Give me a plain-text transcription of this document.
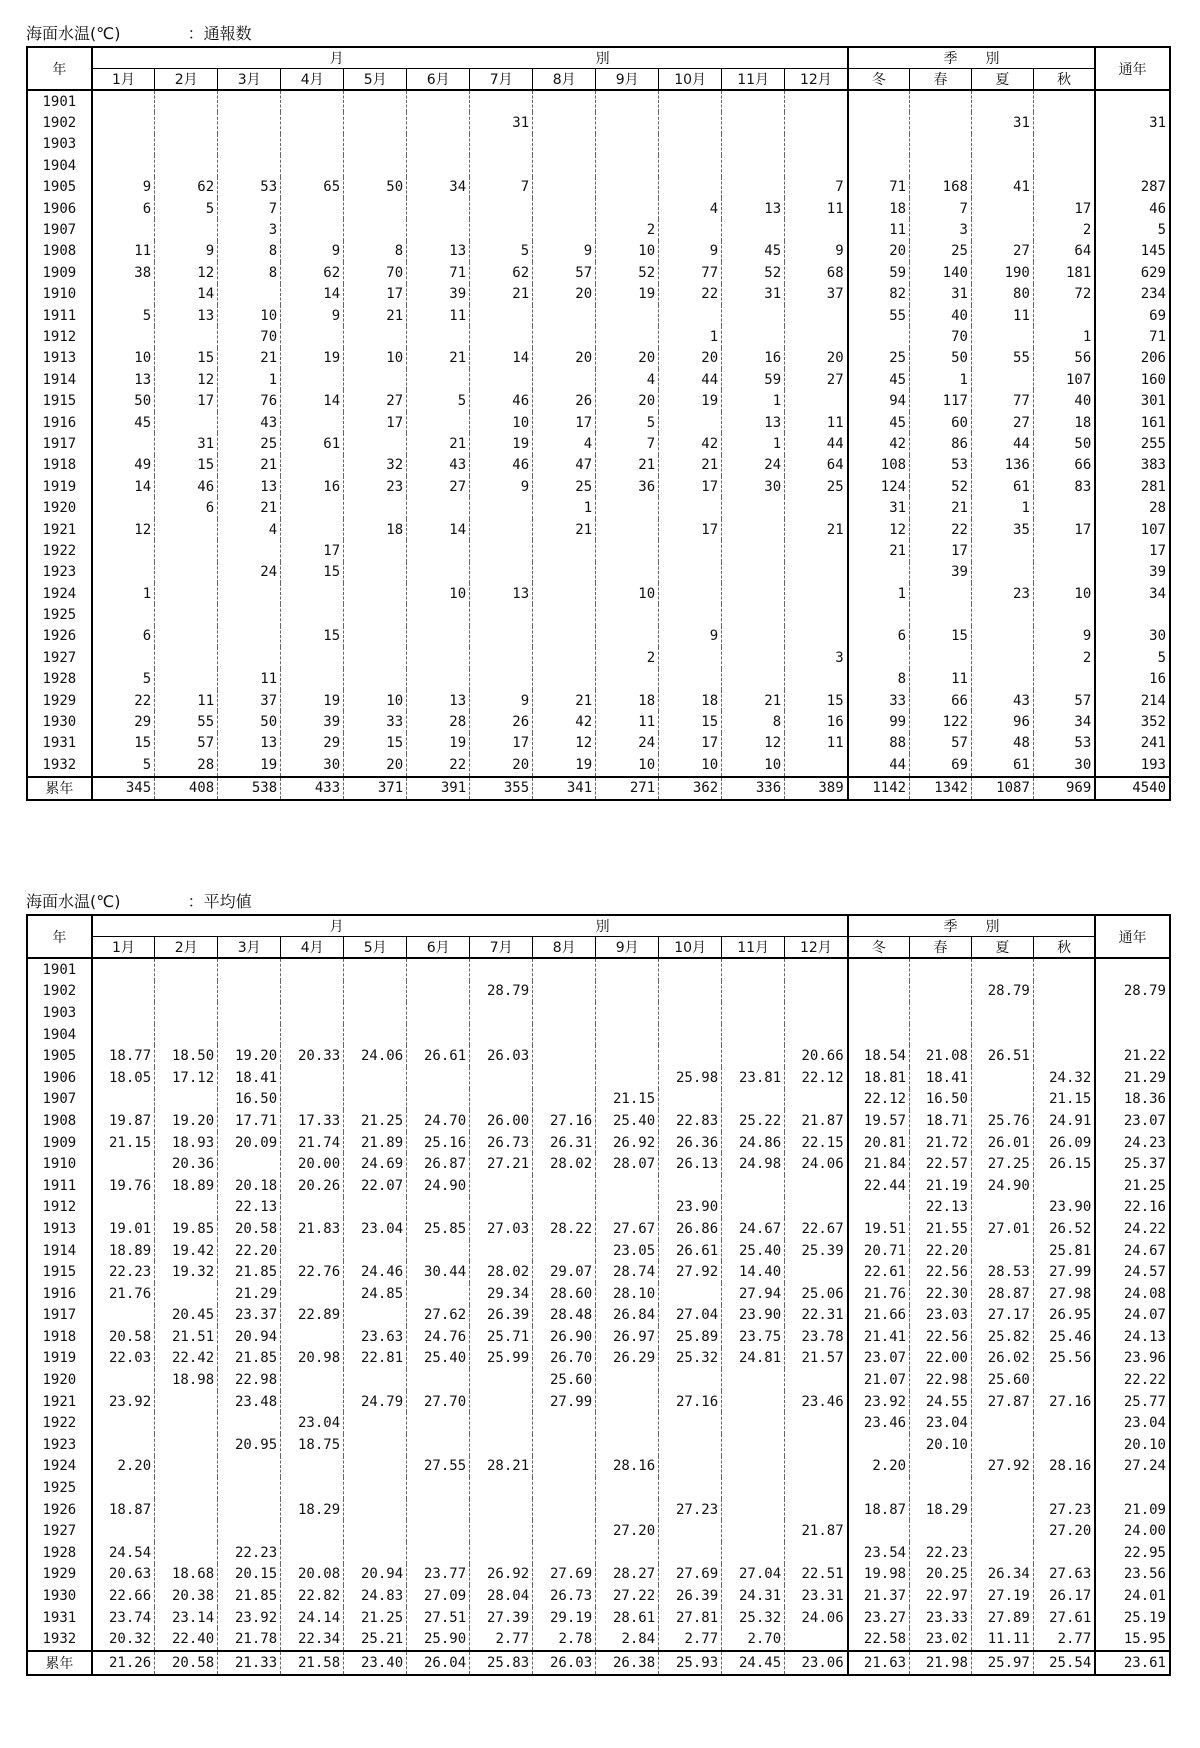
海面水温(℃)	：通報数
年	月　　　　　　　　　　　　　　　　　　別												季　　別				通年
	1月	2月	3月	4月	5月	6月	7月	8月	9月	10月	11月	12月	冬	春	夏	秋	
1901																	
1902							31								31		31
1903																	
1904																	
1905	9	62	53	65	50	34	7					7	71	168	41		287
1906	6	5	7							4	13	11	18	7		17	46
1907			3						2				11	3		2	5
1908	11	9	8	9	8	13	5	9	10	9	45	9	20	25	27	64	145
1909	38	12	8	62	70	71	62	57	52	77	52	68	59	140	190	181	629
1910		14		14	17	39	21	20	19	22	31	37	82	31	80	72	234
1911	5	13	10	9	21	11							55	40	11		69
1912			70							1				70		1	71
1913	10	15	21	19	10	21	14	20	20	20	16	20	25	50	55	56	206
1914	13	12	1						4	44	59	27	45	1		107	160
1915	50	17	76	14	27	5	46	26	20	19	1		94	117	77	40	301
1916	45		43		17		10	17	5		13	11	45	60	27	18	161
1917		31	25	61		21	19	4	7	42	1	44	42	86	44	50	255
1918	49	15	21		32	43	46	47	21	21	24	64	108	53	136	66	383
1919	14	46	13	16	23	27	9	25	36	17	30	25	124	52	61	83	281
1920		6	21					1					31	21	1		28
1921	12		4		18	14		21		17		21	12	22	35	17	107
1922				17									21	17			17
1923			24	15										39			39
1924	1					10	13		10				1		23	10	34
1925																	
1926	6			15						9			6	15		9	30
1927									2			3				2	5
1928	5		11										8	11			16
1929	22	11	37	19	10	13	9	21	18	18	21	15	33	66	43	57	214
1930	29	55	50	39	33	28	26	42	11	15	8	16	99	122	96	34	352
1931	15	57	13	29	15	19	17	12	24	17	12	11	88	57	48	53	241
1932	5	28	19	30	20	22	20	19	10	10	10		44	69	61	30	193
累年	345	408	538	433	371	391	355	341	271	362	336	389	1142	1342	1087	969	4540
海面水温(℃)	：平均値
年	月　　　　　　　　　　　　　　　　　　別												季　　別				通年
	1月	2月	3月	4月	5月	6月	7月	8月	9月	10月	11月	12月	冬	春	夏	秋	
1901																	
1902							28.79								28.79		28.79
1903																	
1904																	
1905	18.77	18.50	19.20	20.33	24.06	26.61	26.03					20.66	18.54	21.08	26.51		21.22
1906	18.05	17.12	18.41							25.98	23.81	22.12	18.81	18.41		24.32	21.29
1907			16.50						21.15				22.12	16.50		21.15	18.36
1908	19.87	19.20	17.71	17.33	21.25	24.70	26.00	27.16	25.40	22.83	25.22	21.87	19.57	18.71	25.76	24.91	23.07
1909	21.15	18.93	20.09	21.74	21.89	25.16	26.73	26.31	26.92	26.36	24.86	22.15	20.81	21.72	26.01	26.09	24.23
1910		20.36		20.00	24.69	26.87	27.21	28.02	28.07	26.13	24.98	24.06	21.84	22.57	27.25	26.15	25.37
1911	19.76	18.89	20.18	20.26	22.07	24.90							22.44	21.19	24.90		21.25
1912			22.13							23.90				22.13		23.90	22.16
1913	19.01	19.85	20.58	21.83	23.04	25.85	27.03	28.22	27.67	26.86	24.67	22.67	19.51	21.55	27.01	26.52	24.22
1914	18.89	19.42	22.20						23.05	26.61	25.40	25.39	20.71	22.20		25.81	24.67
1915	22.23	19.32	21.85	22.76	24.46	30.44	28.02	29.07	28.74	27.92	14.40		22.61	22.56	28.53	27.99	24.57
1916	21.76		21.29		24.85		29.34	28.60	28.10		27.94	25.06	21.76	22.30	28.87	27.98	24.08
1917		20.45	23.37	22.89		27.62	26.39	28.48	26.84	27.04	23.90	22.31	21.66	23.03	27.17	26.95	24.07
1918	20.58	21.51	20.94		23.63	24.76	25.71	26.90	26.97	25.89	23.75	23.78	21.41	22.56	25.82	25.46	24.13
1919	22.03	22.42	21.85	20.98	22.81	25.40	25.99	26.70	26.29	25.32	24.81	21.57	23.07	22.00	26.02	25.56	23.96
1920		18.98	22.98					25.60					21.07	22.98	25.60		22.22
1921	23.92		23.48		24.79	27.70		27.99		27.16		23.46	23.92	24.55	27.87	27.16	25.77
1922				23.04									23.46	23.04			23.04
1923			20.95	18.75										20.10			20.10
1924	2.20					27.55	28.21		28.16				2.20		27.92	28.16	27.24
1925																	
1926	18.87			18.29						27.23			18.87	18.29		27.23	21.09
1927									27.20			21.87				27.20	24.00
1928	24.54		22.23										23.54	22.23			22.95
1929	20.63	18.68	20.15	20.08	20.94	23.77	26.92	27.69	28.27	27.69	27.04	22.51	19.98	20.25	26.34	27.63	23.56
1930	22.66	20.38	21.85	22.82	24.83	27.09	28.04	26.73	27.22	26.39	24.31	23.31	21.37	22.97	27.19	26.17	24.01
1931	23.74	23.14	23.92	24.14	21.25	27.51	27.39	29.19	28.61	27.81	25.32	24.06	23.27	23.33	27.89	27.61	25.19
1932	20.32	22.40	21.78	22.34	25.21	25.90	2.77	2.78	2.84	2.77	2.70		22.58	23.02	11.11	2.77	15.95
累年	21.26	20.58	21.33	21.58	23.40	26.04	25.83	26.03	26.38	25.93	24.45	23.06	21.63	21.98	25.97	25.54	23.61
